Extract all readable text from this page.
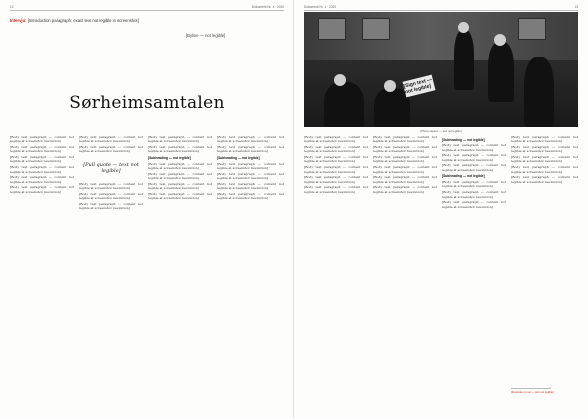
12	Dokument Nr. 1 · 2020
Intervju: [Introduction paragraph; exact text not legible in screenshot]
[Byline — not legible]
Sørheimsamtalen

[Body text paragraph — content not legible at screenshot resolution]

[Body text paragraph — content not legible at screenshot resolution]

[Body text paragraph — content not legible at screenshot resolution]

[Body text paragraph — content not legible at screenshot resolution]

[Body text paragraph — content not legible at screenshot resolution]

[Body text paragraph — content not legible at screenshot resolution]

[Body text paragraph — content not legible at screenshot resolution]

[Body text paragraph — content not legible at screenshot resolution]

[Pull quote — text not legible]

[Body text paragraph — content not legible at screenshot resolution]

[Body text paragraph — content not legible at screenshot resolution]

[Body text paragraph — content not legible at screenshot resolution]

[Body text paragraph — content not legible at screenshot resolution]

[Body text paragraph — content not legible at screenshot resolution]

[Subheading — not legible]

[Body text paragraph — content not legible at screenshot resolution]

[Body text paragraph — content not legible at screenshot resolution]

[Body text paragraph — content not legible at screenshot resolution]

[Body text paragraph — content not legible at screenshot resolution]

[Body text paragraph — content not legible at screenshot resolution]

[Body text paragraph — content not legible at screenshot resolution]

[Subheading — not legible]

[Body text paragraph — content not legible at screenshot resolution]

[Body text paragraph — content not legible at screenshot resolution]

[Body text paragraph — content not legible at screenshot resolution]

[Body text paragraph — content not legible at screenshot resolution]

Dokument Nr. 1 · 2020	13
[Sign text — not legible]
[Photo caption — text not legible]

[Body text paragraph — content not legible at screenshot resolution]

[Body text paragraph — content not legible at screenshot resolution]

[Body text paragraph — content not legible at screenshot resolution]

[Body text paragraph — content not legible at screenshot resolution]

[Body text paragraph — content not legible at screenshot resolution]

[Body text paragraph — content not legible at screenshot resolution]

[Body text paragraph — content not legible at screenshot resolution]

[Body text paragraph — content not legible at screenshot resolution]

[Body text paragraph — content not legible at screenshot resolution]

[Body text paragraph — content not legible at screenshot resolution]

[Body text paragraph — content not legible at screenshot resolution]

[Body text paragraph — content not legible at screenshot resolution]

[Subheading — not legible]

[Body text paragraph — content not legible at screenshot resolution]

[Body text paragraph — content not legible at screenshot resolution]

[Body text paragraph — content not legible at screenshot resolution]

[Subheading — not legible]

[Body text paragraph — content not legible at screenshot resolution]

[Body text paragraph — content not legible at screenshot resolution]

[Body text paragraph — content not legible at screenshot resolution]

[Body text paragraph — content not legible at screenshot resolution]

[Body text paragraph — content not legible at screenshot resolution]

[Body text paragraph — content not legible at screenshot resolution]

[Body text paragraph — content not legible at screenshot resolution]

[Body text paragraph — content not legible at screenshot resolution]

[Footnote in red — text not legible]
